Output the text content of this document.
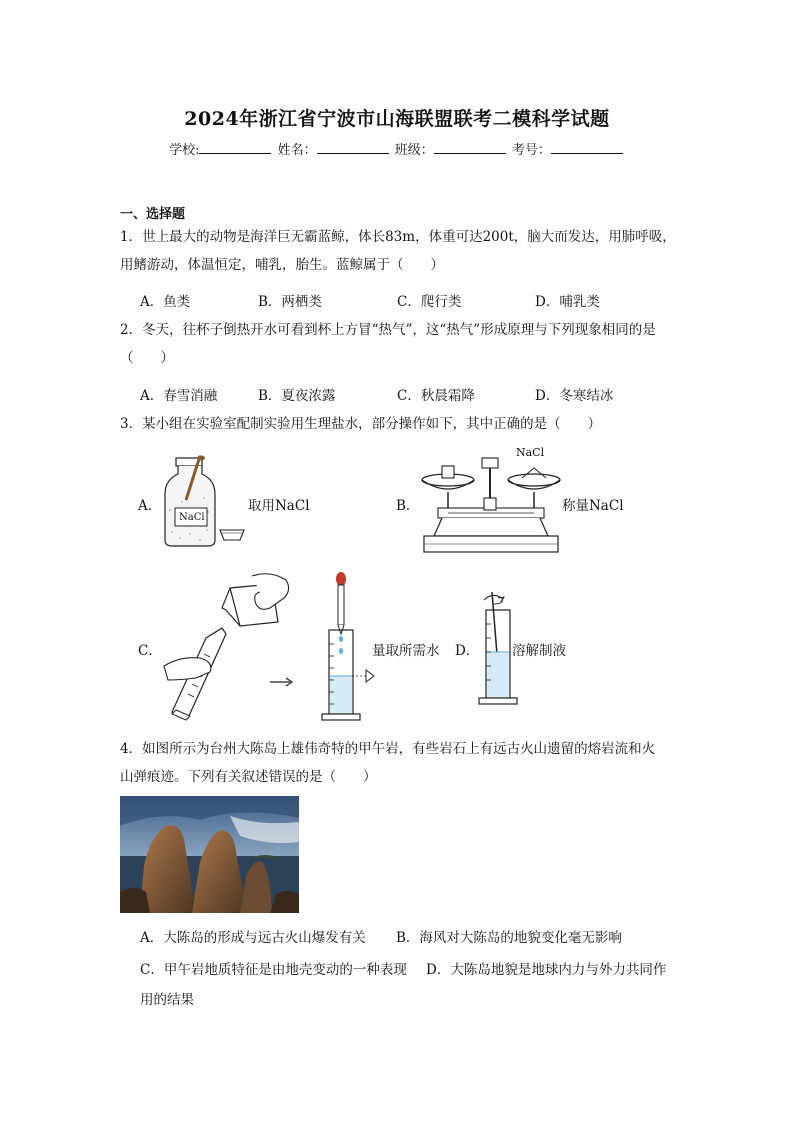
2024年浙江省宁波市山海联盟联考二模科学试题
学校:	姓名：	班级：	考号：
一、选择题
1．世上最大的动物是海洋巨无霸蓝鲸，体长83m，体重可达200t，脑大而发达，用肺呼吸，
用鳍游动，体温恒定，哺乳，胎生。蓝鲸属于（　　）
A．鱼类	B．两栖类	C．爬行类	D．哺乳类
2．冬天，往杯子倒热开水可看到杯上方冒“热气”，这“热气”形成原理与下列现象相同的是
（　　）
A．春雪消融	B．夏夜浓露	C．秋晨霜降	D．冬寒结冰
3．某小组在实验室配制实验用生理盐水，部分操作如下，其中正确的是（　　）
A．
NaCl
取用NaCl	B．
NaCl
称量NaCl
C．	量取所需水 D． 溶解制液
4．如图所示为台州大陈岛上雄伟奇特的甲午岩，有些岩石上有远古火山遗留的熔岩流和火
山弹痕迹。下列有关叙述错误的是（　　）
A．大陈岛的形成与远古火山爆发有关 B．海风对大陈岛的地貌变化毫无影响
C．甲午岩地质特征是由地壳变动的一种表现 D．大陈岛地貌是地球内力与外力共同作
用的结果
